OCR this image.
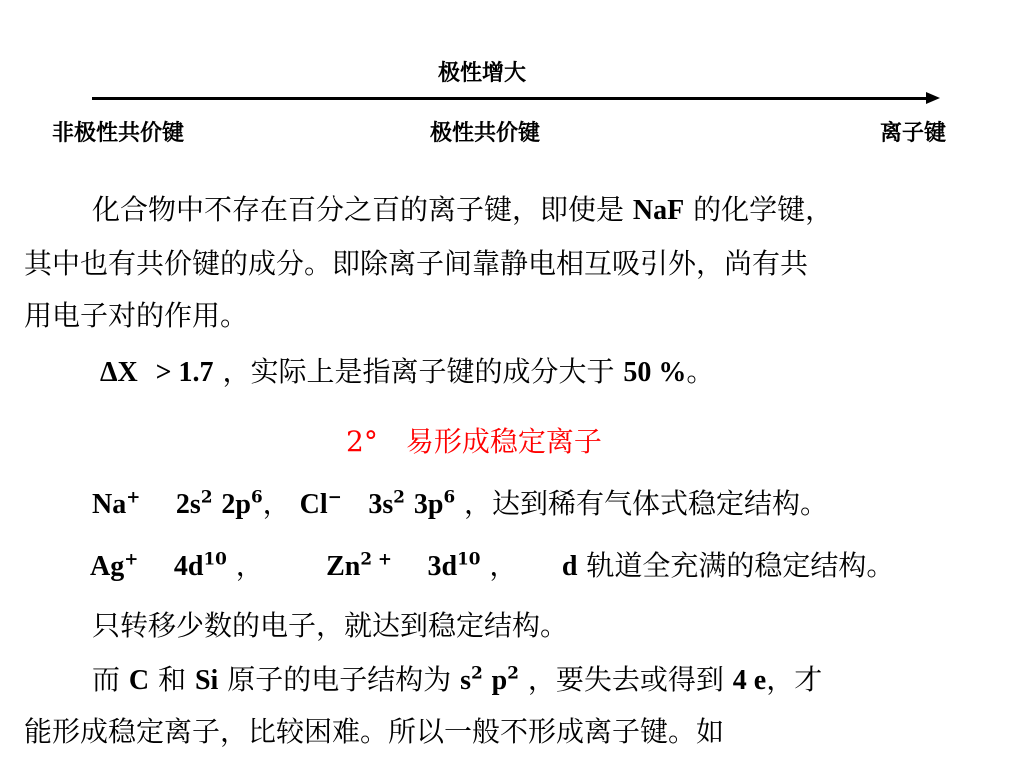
极性增大
非极性共价键	极性共价键	离子键
化合物中不存在百分之百的离子键，即使是 NaF 的化学键，
其中也有共价键的成分。即除离子间靠静电相互吸引外，尚有共
用电子对的作用。
ΔX > 1.7 ，实际上是指离子键的成分大于 50 %。
2°　易形成稳定离子
Na+ $2s^2$ $2p^6$， Cl− $3s^2$ $3p^6$ ，达到稀有气体式稳定结构。
Ag+ $4d^{10}$ ， $Zn^{2 +}$ $3d^{10}$ ， d 轨道全充满的稳定结构。
只转移少数的电子，就达到稳定结构。
而 C 和 Si 原子的电子结构为 $s^2$ $p^2$ ，要失去或得到 4 e，才
能形成稳定离子，比较困难。所以一般不形成离子键。如
